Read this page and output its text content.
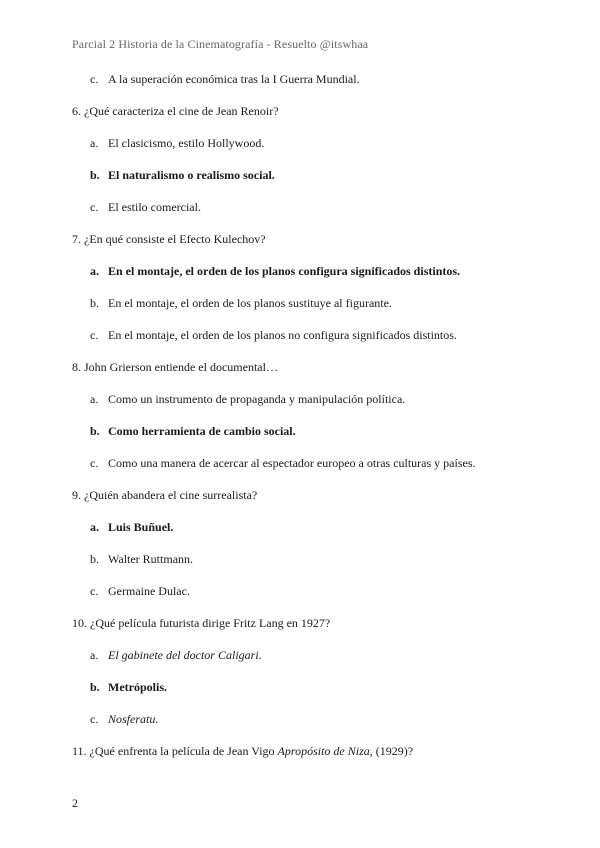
Parcial 2 Historia de la Cinematografía - Resuelto @itswhaa
c. A la superación económica tras la I Guerra Mundial.
6. ¿Qué caracteriza el cine de Jean Renoir?
a. El clasicismo, estilo Hollywood.
b. El naturalismo o realismo social.
c. El estilo comercial.
7. ¿En qué consiste el Efecto Kulechov?
a. En el montaje, el orden de los planos configura significados distintos.
b. En el montaje, el orden de los planos sustituye al figurante.
c. En el montaje, el orden de los planos no configura significados distintos.
8. John Grierson entiende el documental…
a. Como un instrumento de propaganda y manipulación política.
b. Como herramienta de cambio social.
c. Como una manera de acercar al espectador europeo a otras culturas y países.
9. ¿Quién abandera el cine surrealista?
a. Luis Buñuel.
b. Walter Ruttmann.
c. Germaine Dulac.
10. ¿Qué película futurista dirige Fritz Lang en 1927?
a. El gabinete del doctor Caligari.
b. Metrópolis.
c. Nosferatu.
11. ¿Qué enfrenta la película de Jean Vigo Apropósito de Niza, (1929)?
2
